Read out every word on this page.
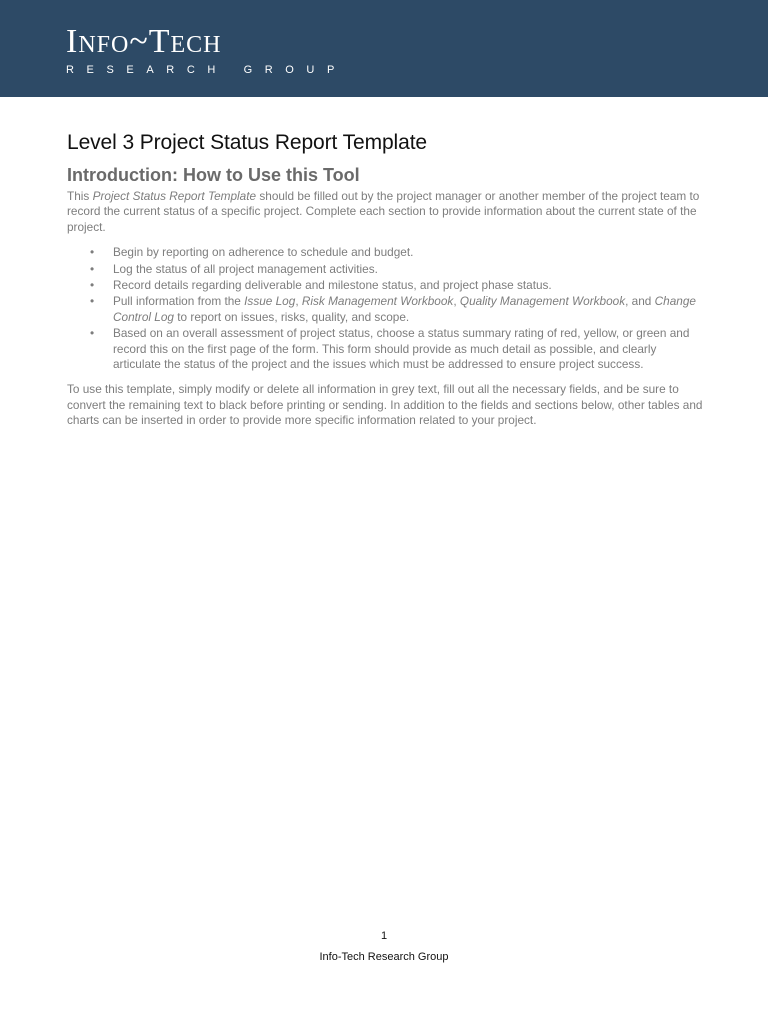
Info~Tech
RESEARCH GROUP
Level 3 Project Status Report Template
Introduction: How to Use this Tool

This Project Status Report Template should be filled out by the project manager or another member of the project team to record the current status of a specific project. Complete each section to provide information about the current state of the project.

• Begin by reporting on adherence to schedule and budget.
• Log the status of all project management activities.
• Record details regarding deliverable and milestone status, and project phase status.
• Pull information from the Issue Log, Risk Management Workbook, Quality Management Workbook, and Change Control Log to report on issues, risks, quality, and scope.
• Based on an overall assessment of project status, choose a status summary rating of red, yellow, or green and record this on the first page of the form. This form should provide as much detail as possible, and clearly articulate the status of the project and the issues which must be addressed to ensure project success.

To use this template, simply modify or delete all information in grey text, fill out all the necessary fields, and be sure to convert the remaining text to black before printing or sending. In addition to the fields and sections below, other tables and charts can be inserted in order to provide more specific information related to your project.

1
Info-Tech Research Group
